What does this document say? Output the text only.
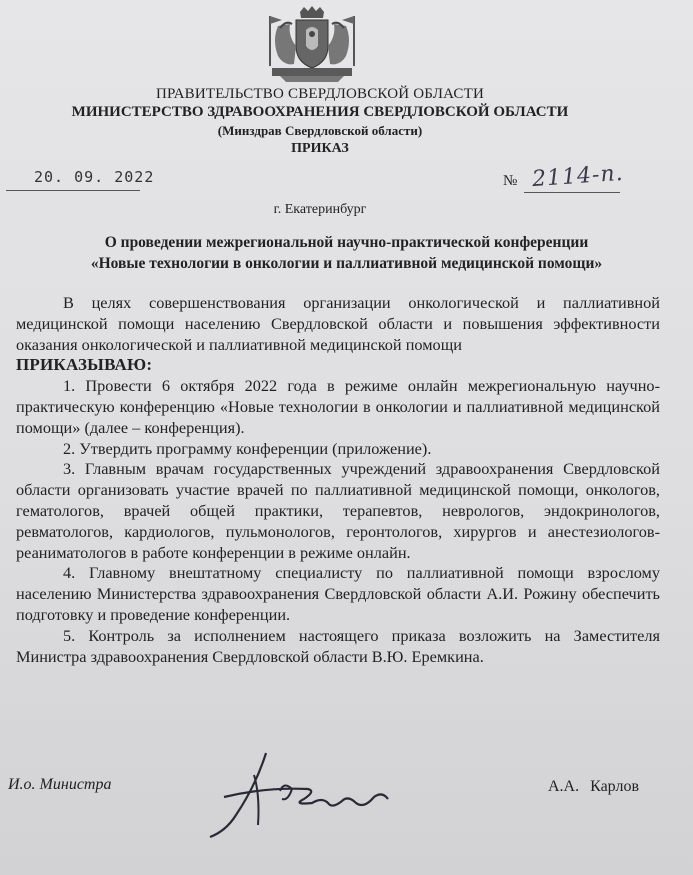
ПРАВИТЕЛЬСТВО СВЕРДЛОВСКОЙ ОБЛАСТИ
МИНИСТЕРСТВО ЗДРАВООХРАНЕНИЯ СВЕРДЛОВСКОЙ ОБЛАСТИ
(Минздрав Свердловской области)
ПРИКАЗ
20. 09. 2022	№ 2114-п.
г. Екатеринбург
О проведении межрегиональной научно-практической конференции
«Новые технологии в онкологии и паллиативной медицинской помощи»

В целях совершенствования организации онкологической и паллиативной медицинской помощи населению Свердловской области и повышения эффективности оказания онкологической и паллиативной медицинской помощи

ПРИКАЗЫВАЮ:

1. Провести 6 октября 2022 года в режиме онлайн межрегиональную научно-практическую конференцию «Новые технологии в онкологии и паллиативной медицинской помощи» (далее – конференция).

2. Утвердить программу конференции (приложение).

3. Главным врачам государственных учреждений здравоохранения Свердловской области организовать участие врачей по паллиативной медицинской помощи, онкологов, гематологов, врачей общей практики, терапевтов, неврологов, эндокринологов, ревматологов, кардиологов, пульмонологов, геронтологов, хирургов и анестезиологов-реаниматологов в работе конференции в режиме онлайн.

4. Главному внештатному специалисту по паллиативной помощи взрослому населению Министерства здравоохранения Свердловской области А.И. Рожину обеспечить подготовку и проведение конференции.

5. Контроль за исполнением настоящего приказа возложить на Заместителя Министра здравоохранения Свердловской области В.Ю. Еремкина.

И.о. Министра	А.А. Карлов
